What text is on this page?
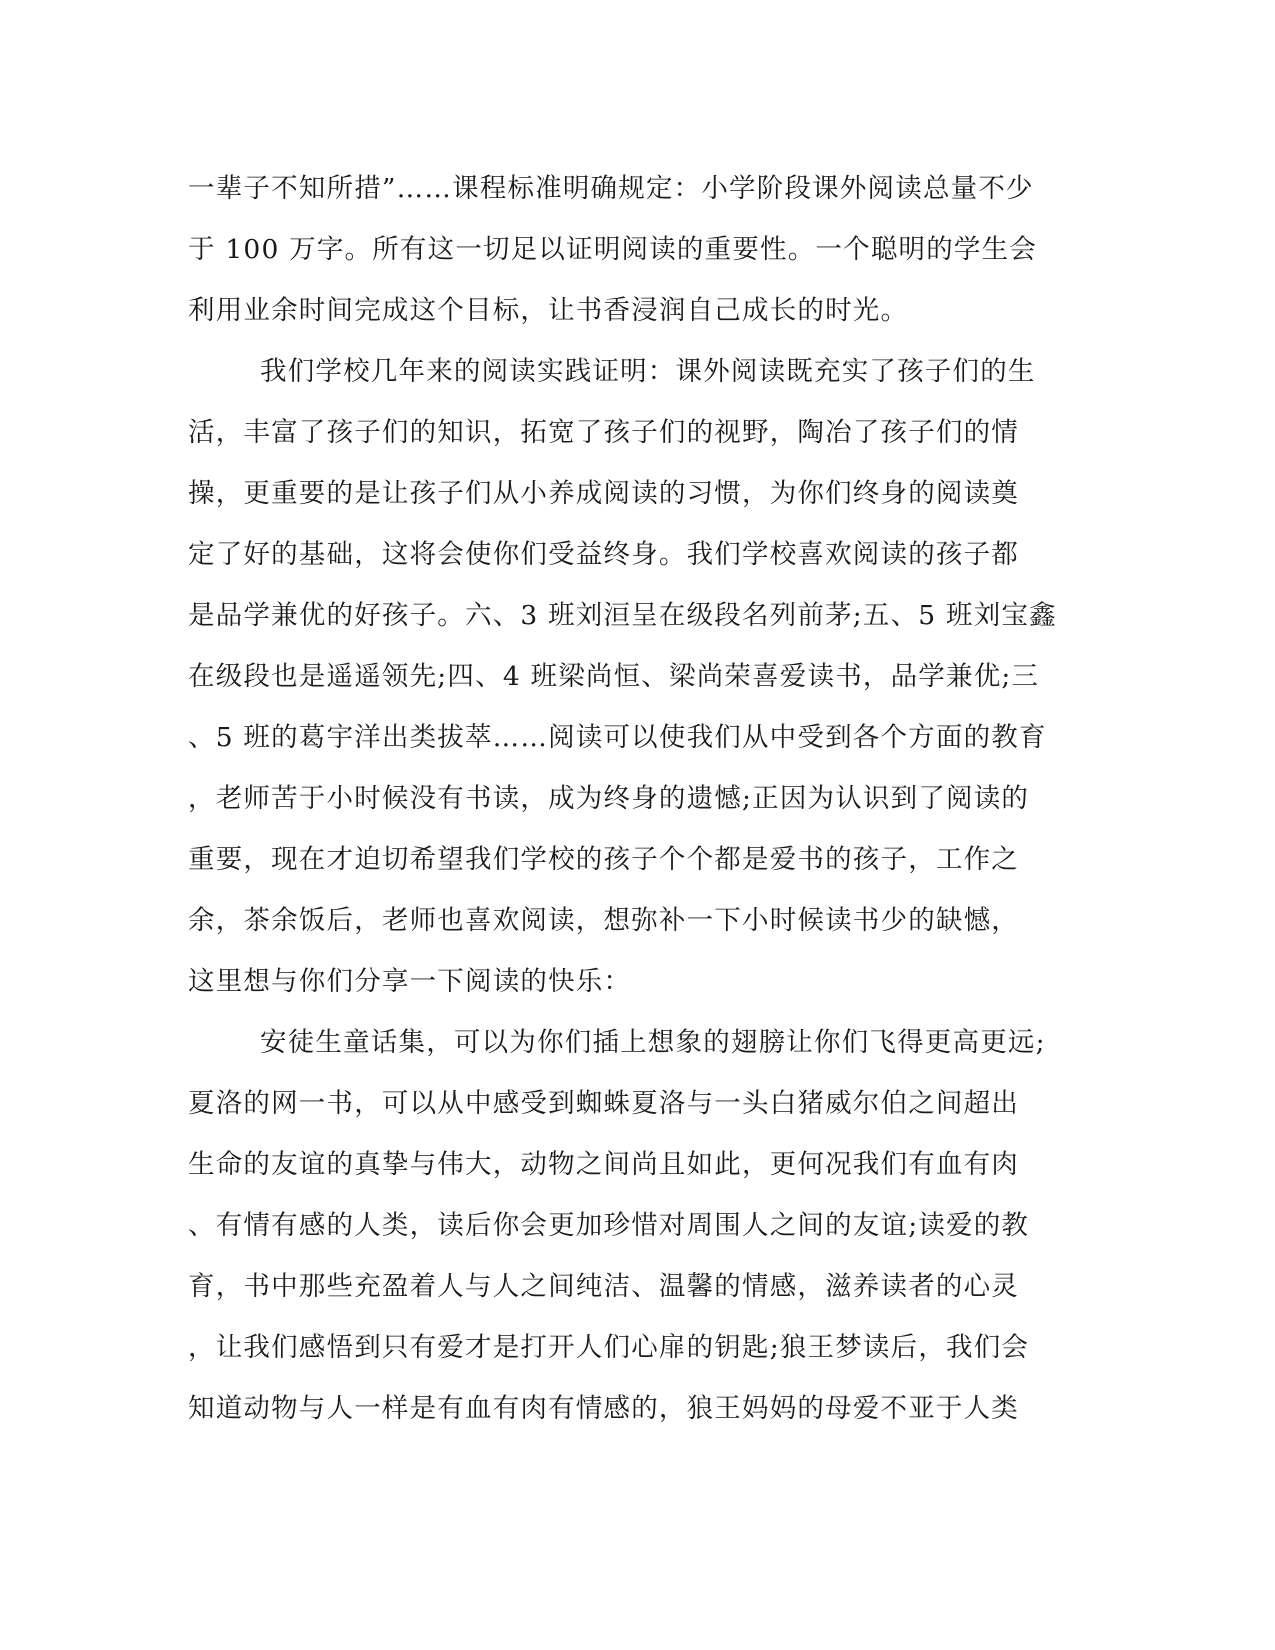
一辈子不知所措”……课程标准明确规定：小学阶段课外阅读总量不少
于 100 万字。所有这一切足以证明阅读的重要性。一个聪明的学生会
利用业余时间完成这个目标，让书香浸润自己成长的时光。
我们学校几年来的阅读实践证明：课外阅读既充实了孩子们的生
活，丰富了孩子们的知识，拓宽了孩子们的视野，陶冶了孩子们的情
操，更重要的是让孩子们从小养成阅读的习惯，为你们终身的阅读奠
定了好的基础，这将会使你们受益终身。我们学校喜欢阅读的孩子都
是品学兼优的好孩子。六、3 班刘洹呈在级段名列前茅;五、5 班刘宝鑫
在级段也是遥遥领先;四、4 班梁尚恒、梁尚荣喜爱读书，品学兼优;三
、5 班的葛宇洋出类拔萃……阅读可以使我们从中受到各个方面的教育
，老师苦于小时候没有书读，成为终身的遗憾;正因为认识到了阅读的
重要，现在才迫切希望我们学校的孩子个个都是爱书的孩子，工作之
余，茶余饭后，老师也喜欢阅读，想弥补一下小时候读书少的缺憾，
这里想与你们分享一下阅读的快乐：
安徒生童话集，可以为你们插上想象的翅膀让你们飞得更高更远;
夏洛的网一书，可以从中感受到蜘蛛夏洛与一头白猪威尔伯之间超出
生命的友谊的真挚与伟大，动物之间尚且如此，更何况我们有血有肉
、有情有感的人类，读后你会更加珍惜对周围人之间的友谊;读爱的教
育，书中那些充盈着人与人之间纯洁、温馨的情感，滋养读者的心灵
，让我们感悟到只有爱才是打开人们心扉的钥匙;狼王梦读后，我们会
知道动物与人一样是有血有肉有情感的，狼王妈妈的母爱不亚于人类
